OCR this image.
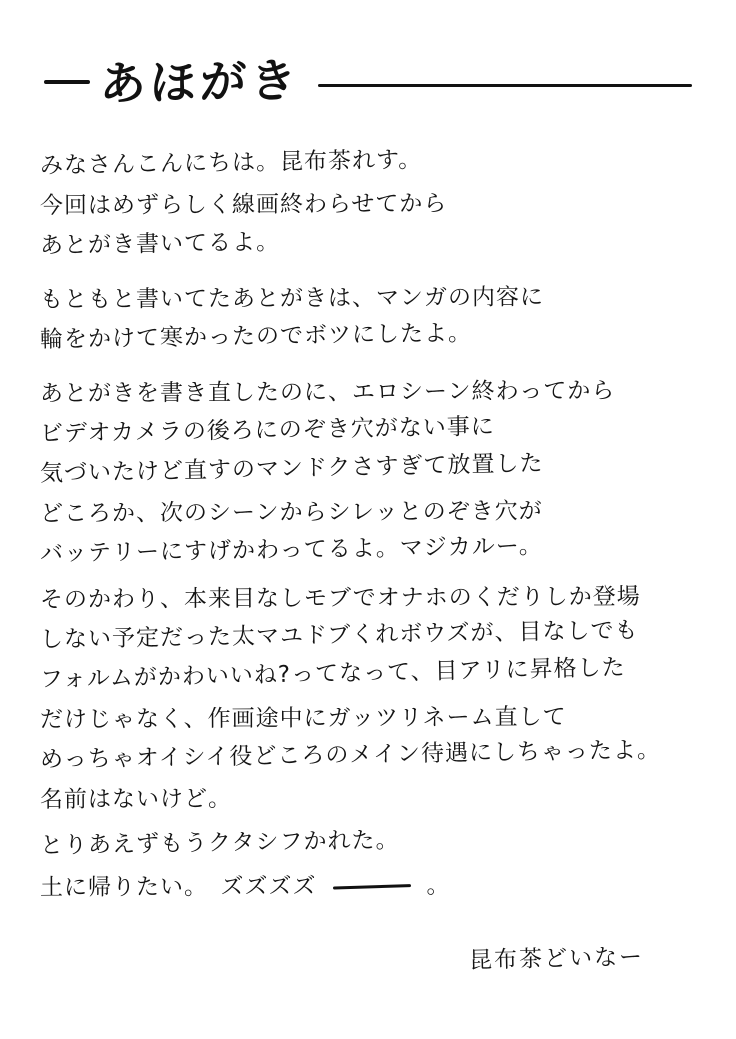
あほがき
みなさんこんにちは。昆布茶れす。
今回はめずらしく線画終わらせてから
あとがき書いてるよ。
もともと書いてたあとがきは、マンガの内容に
輪をかけて寒かったのでボツにしたよ。
あとがきを書き直したのに、エロシーン終わってから
ビデオカメラの後ろにのぞき穴がない事に
気づいたけど直すのマンドクさすぎて放置した
どころか、次のシーンからシレッとのぞき穴が
バッテリーにすげかわってるよ。マジカルー。
そのかわり、本来目なしモブでオナホのくだりしか登場
しない予定だった太マユドブくれボウズが、目なしでも
フォルムがかわいいね?ってなって、目アリに昇格した
だけじゃなく、作画途中にガッツリネーム直して
めっちゃオイシイ役どころのメイン待遇にしちゃったよ。
名前はないけど。
とりあえずもうクタシフかれた。
土に帰りたい。　ズズズズ	。
昆布茶どいなー
